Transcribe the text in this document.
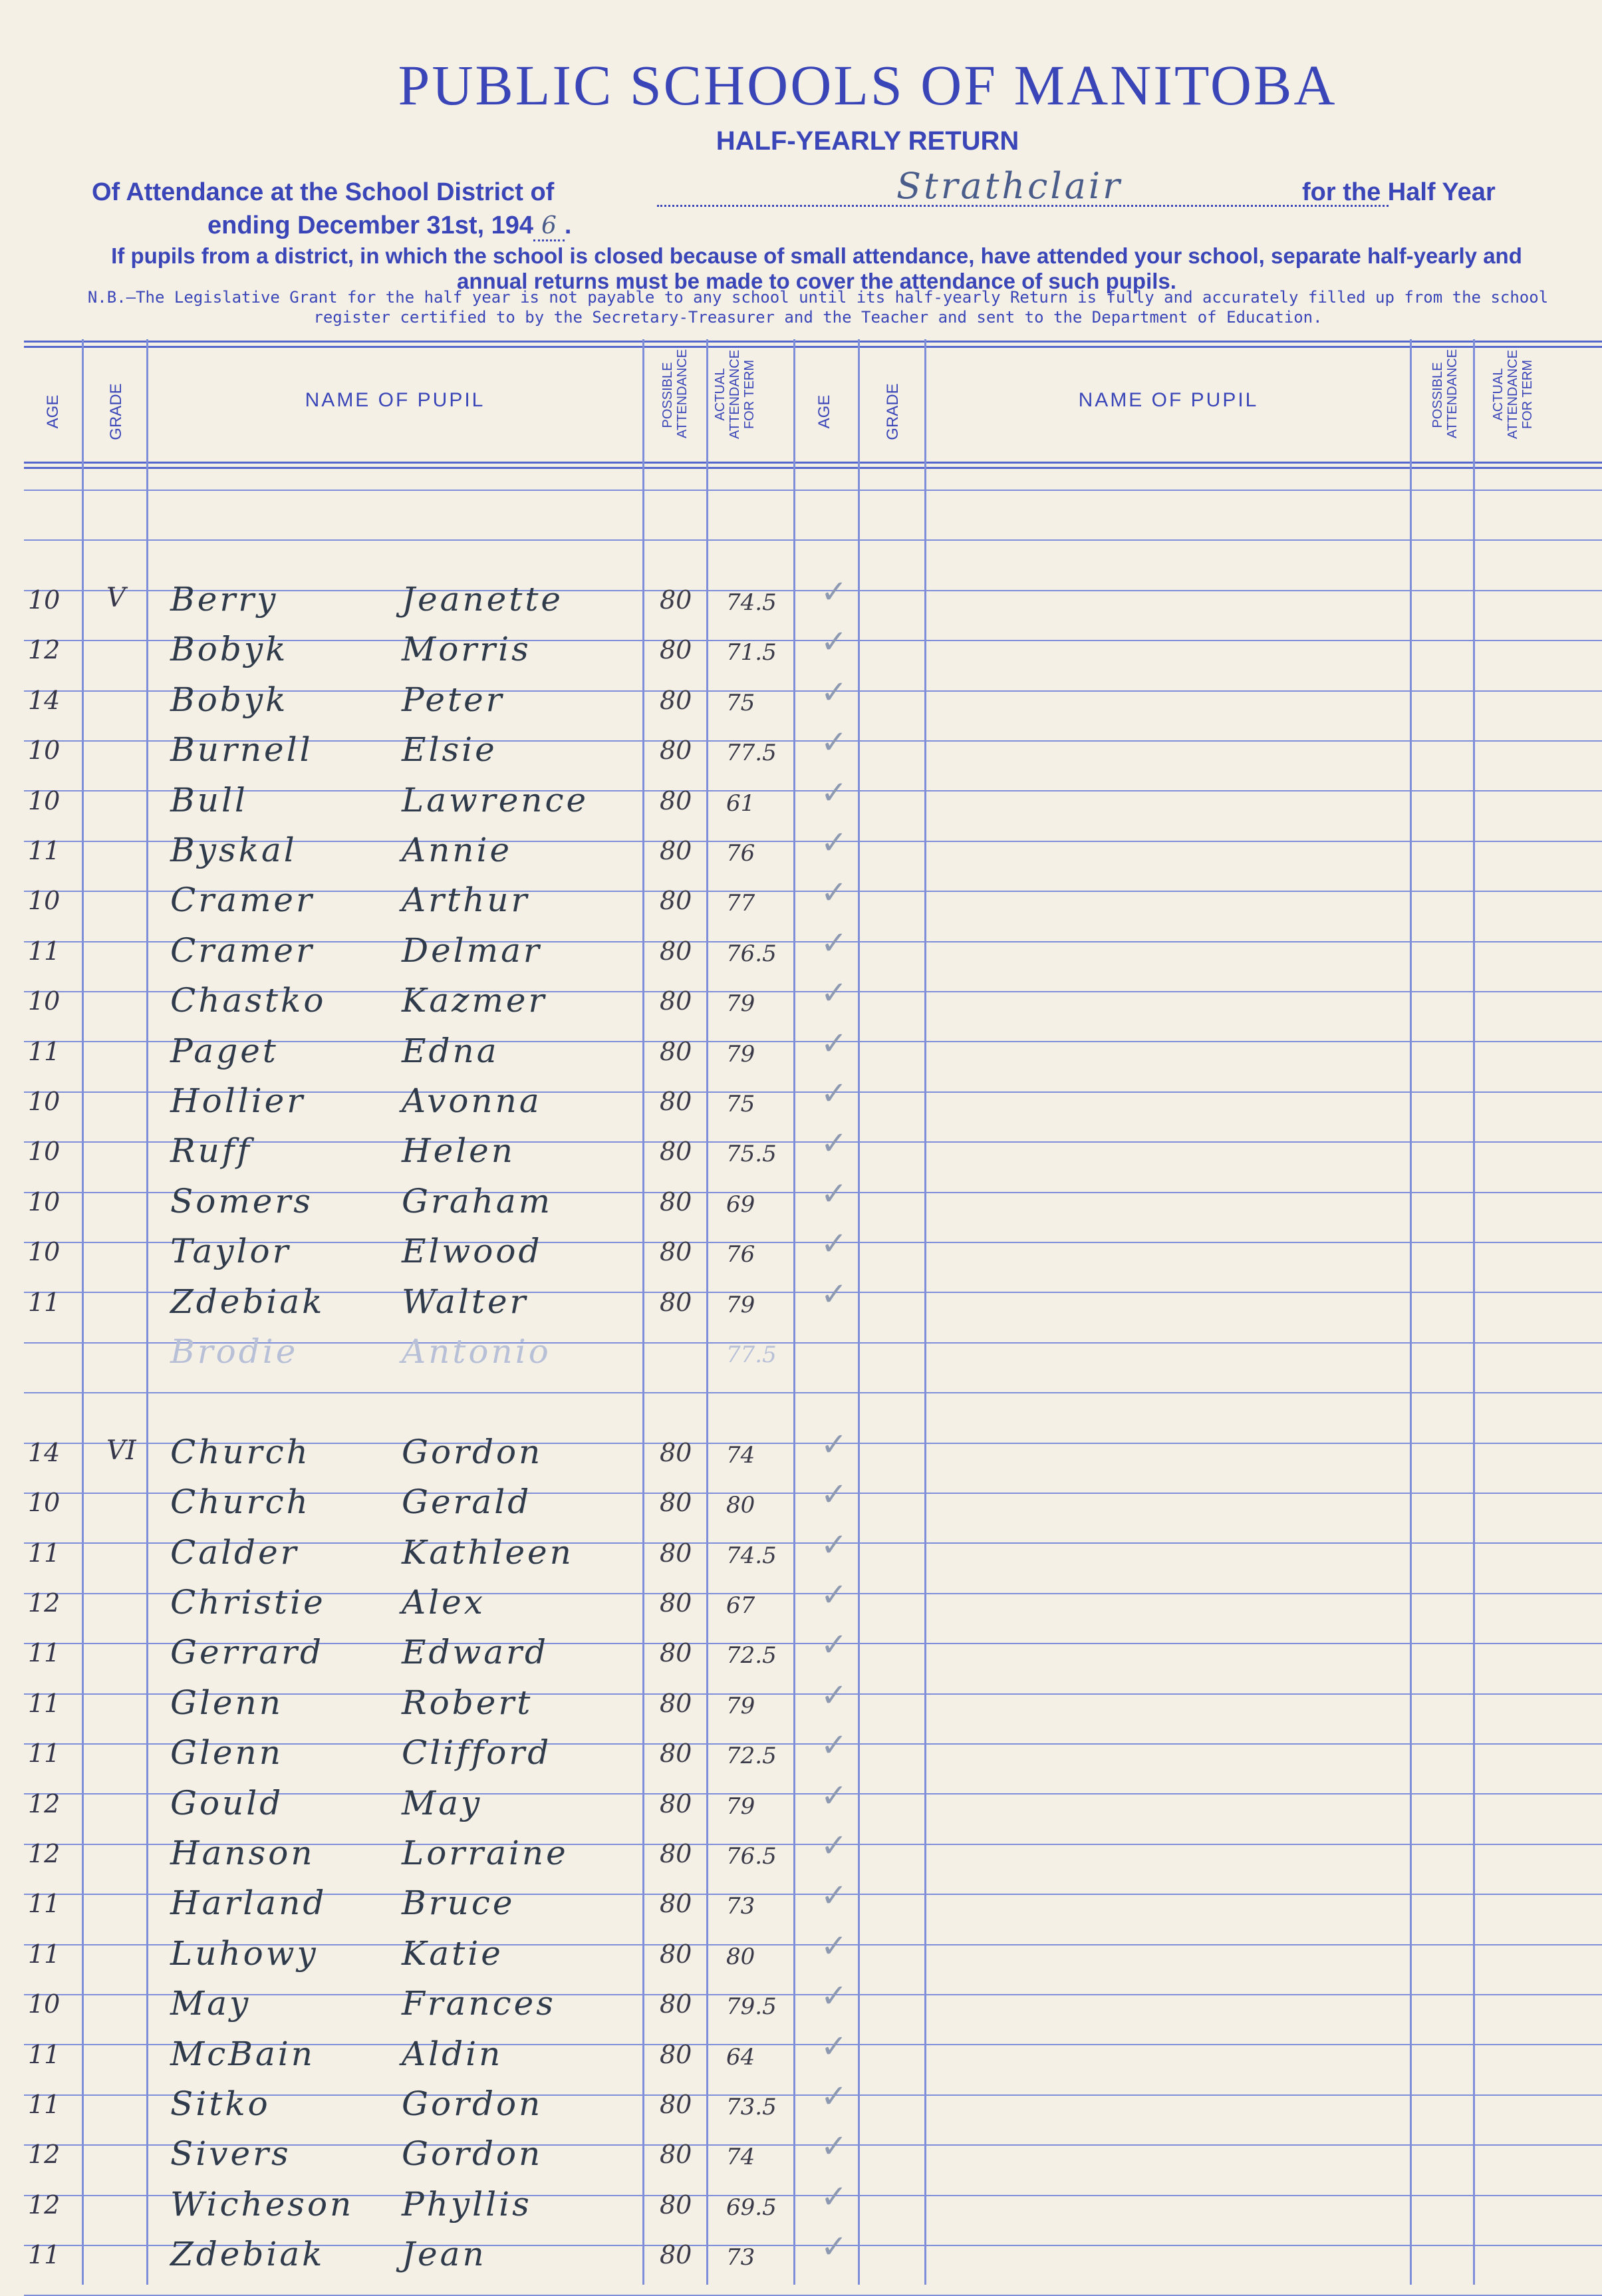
PUBLIC SCHOOLS OF MANITOBA
HALF-YEARLY RETURN
Of Attendance at the School District of	Strathclair	for the Half Year
ending December 31st, 194 6 .
If pupils from a district, in which the school is closed because of small attendance, have attended your school, separate half-yearly and annual returns must be made to cover the attendance of such pupils.
N.B.—The Legislative Grant for the half year is not payable to any school until its half-yearly Return is fully and accurately filled up from the school register certified to by the Secretary-Treasurer and the Teacher and sent to the Department of Education.
AGE	GRADE	NAME OF PUPIL	POSSIBLE ATTENDANCE ACTUAL ATTENDANCE FOR TERM	AGE	GRADE	NAME OF PUPIL	POSSIBLE ATTENDANCE ACTUAL ATTENDANCE FOR TERM
10 V Berry	Jeanette	80 74.5 ✓
12	Bobyk	Morris	80 71.5 ✓
14	Bobyk	Peter	80 75 ✓
10	Burnell	Elsie	80 77.5 ✓
10	Bull	Lawrence	80 61 ✓
11	Byskal	Annie	80 76 ✓
10	Cramer	Arthur	80 77 ✓
11	Cramer	Delmar	80 76.5 ✓
10	Chastko Kazmer	80 79 ✓
11	Paget	Edna	80 79 ✓
10	Hollier	Avonna	80 75 ✓
10	Ruff	Helen	80 75.5 ✓
10	Somers	Graham	80 69 ✓
10	Taylor	Elwood	80 76 ✓
11	Zdebiak Walter	80 79 ✓
Brodie	Antonio	77.5
14 VI Church	Gordon	80 74 ✓
10	Church	Gerald	80 80 ✓
11	Calder	Kathleen	80 74.5 ✓
12	Christie Alex	80 67 ✓
11	Gerrard Edward	80 72.5 ✓
11	Glenn	Robert	80 79 ✓
11	Glenn	Clifford	80 72.5 ✓
12	Gould	May	80 79 ✓
12	Hanson	Lorraine	80 76.5 ✓
11	Harland Bruce	80 73 ✓
11	Luhowy	Katie	80 80 ✓
10	May	Frances	80 79.5 ✓
11	McBain	Aldin	80 64 ✓
11	Sitko	Gordon	80 73.5 ✓
12	Sivers	Gordon	80 74 ✓
12	Wicheson Phyllis	80 69.5 ✓
11	Zdebiak Jean	80 73 ✓
